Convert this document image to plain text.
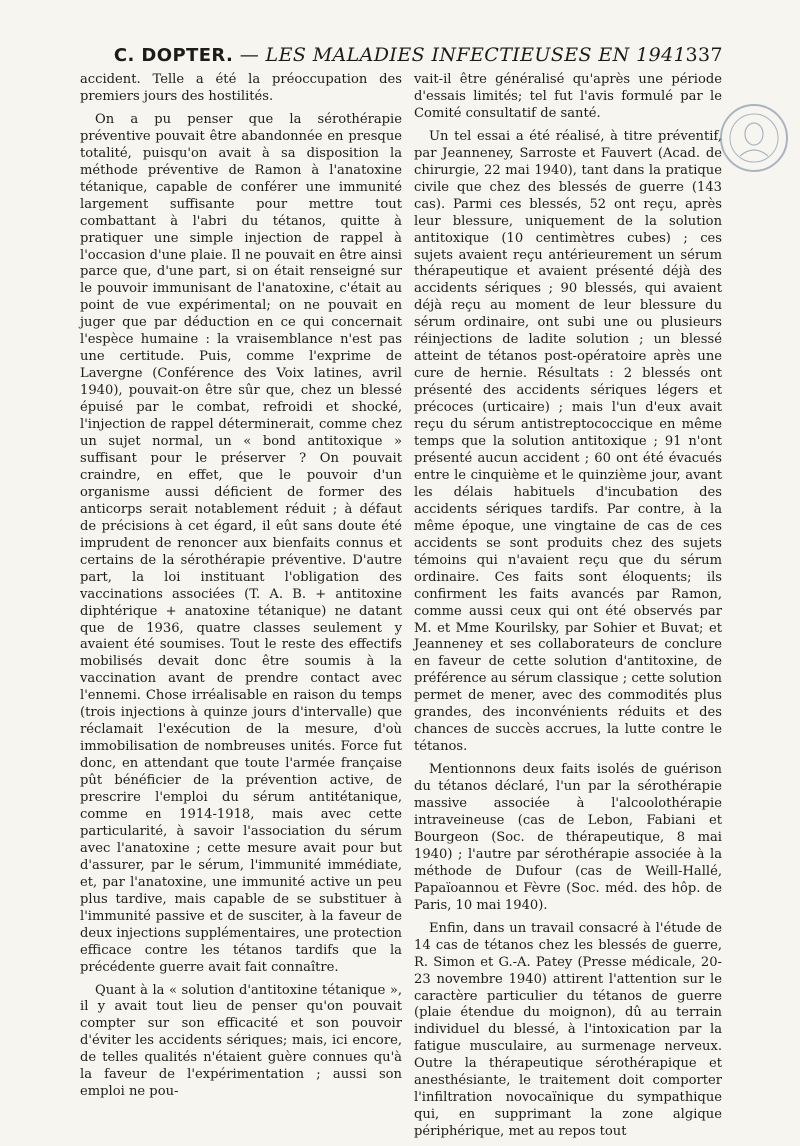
C. DOPTER. — LES MALADIES INFECTIEUSES EN 1941 337

accident. Telle a été la préoccupation des premiers jours des hostilités.

On a pu penser que la sérothérapie préventive pouvait être abandonnée en presque totalité, puisqu'on avait à sa disposition la méthode préventive de Ramon à l'anatoxine tétanique, capable de conférer une immunité largement suffisante pour mettre tout combattant à l'abri du tétanos, quitte à pratiquer une simple injection de rappel à l'occasion d'une plaie. Il ne pouvait en être ainsi parce que, d'une part, si on était renseigné sur le pouvoir immunisant de l'anatoxine, c'était au point de vue expérimental; on ne pouvait en juger que par déduction en ce qui concernait l'espèce humaine : la vraisemblance n'est pas une certitude. Puis, comme l'exprime de Lavergne (Conférence des Voix latines, avril 1940), pouvait-on être sûr que, chez un blessé épuisé par le combat, refroidi et shocké, l'injection de rappel déterminerait, comme chez un sujet normal, un « bond antitoxique » suffisant pour le préserver ? On pouvait craindre, en effet, que le pouvoir d'un organisme aussi déficient de former des anticorps serait notablement réduit ; à défaut de précisions à cet égard, il eût sans doute été imprudent de renoncer aux bienfaits connus et certains de la sérothérapie préventive. D'autre part, la loi instituant l'obligation des vaccinations associées (T. A. B. + antitoxine diphtérique + anatoxine tétanique) ne datant que de 1936, quatre classes seulement y avaient été soumises. Tout le reste des effectifs mobilisés devait donc être soumis à la vaccination avant de prendre contact avec l'ennemi. Chose irréalisable en raison du temps (trois injections à quinze jours d'intervalle) que réclamait l'exécution de la mesure, d'où immobilisation de nombreuses unités. Force fut donc, en attendant que toute l'armée française pût bénéficier de la prévention active, de prescrire l'emploi du sérum antitétanique, comme en 1914-1918, mais avec cette particularité, à savoir l'association du sérum avec l'anatoxine ; cette mesure avait pour but d'assurer, par le sérum, l'immunité immédiate, et, par l'anatoxine, une immunité active un peu plus tardive, mais capable de se substituer à l'immunité passive et de susciter, à la faveur de deux injections supplémentaires, une protection efficace contre les tétanos tardifs que la précédente guerre avait fait connaître.

Quant à la « solution d'antitoxine tétanique », il y avait tout lieu de penser qu'on pouvait compter sur son efficacité et son pouvoir d'éviter les accidents sériques; mais, ici encore, de telles qualités n'étaient guère connues qu'à la faveur de l'expérimentation ; aussi son emploi ne pou-

vait-il être généralisé qu'après une période d'essais limités; tel fut l'avis formulé par le Comité consultatif de santé.

Un tel essai a été réalisé, à titre préventif, par Jeanneney, Sarroste et Fauvert (Acad. de chirurgie, 22 mai 1940), tant dans la pratique civile que chez des blessés de guerre (143 cas). Parmi ces blessés, 52 ont reçu, après leur blessure, uniquement de la solution antitoxique (10 centimètres cubes) ; ces sujets avaient reçu antérieurement un sérum thérapeutique et avaient présenté déjà des accidents sériques ; 90 blessés, qui avaient déjà reçu au moment de leur blessure du sérum ordinaire, ont subi une ou plusieurs réinjections de ladite solution ; un blessé atteint de tétanos post-opératoire après une cure de hernie. Résultats : 2 blessés ont présenté des accidents sériques légers et précoces (urticaire) ; mais l'un d'eux avait reçu du sérum antistreptococcique en même temps que la solution antitoxique ; 91 n'ont présenté aucun accident ; 60 ont été évacués entre le cinquième et le quinzième jour, avant les délais habituels d'incubation des accidents sériques tardifs. Par contre, à la même époque, une vingtaine de cas de ces accidents se sont produits chez des sujets témoins qui n'avaient reçu que du sérum ordinaire. Ces faits sont éloquents; ils confirment les faits avancés par Ramon, comme aussi ceux qui ont été observés par M. et Mme Kourilsky, par Sohier et Buvat; et Jeanneney et ses collaborateurs de conclure en faveur de cette solution d'antitoxine, de préférence au sérum classique ; cette solution permet de mener, avec des commodités plus grandes, des inconvénients réduits et des chances de succès accrues, la lutte contre le tétanos.

Mentionnons deux faits isolés de guérison du tétanos déclaré, l'un par la sérothérapie massive associée à l'alcoolothérapie intraveineuse (cas de Lebon, Fabiani et Bourgeon (Soc. de thérapeutique, 8 mai 1940) ; l'autre par sérothérapie associée à la méthode de Dufour (cas de Weill-Hallé, Papaïoannou et Fèvre (Soc. méd. des hôp. de Paris, 10 mai 1940).

Enfin, dans un travail consacré à l'étude de 14 cas de tétanos chez les blessés de guerre, R. Simon et G.-A. Patey (Presse médicale, 20-23 novembre 1940) attirent l'attention sur le caractère particulier du tétanos de guerre (plaie étendue du moignon), dû au terrain individuel du blessé, à l'intoxication par la fatigue musculaire, au surmenage nerveux. Outre la thérapeutique sérothérapique et anesthésiante, le traitement doit comporter l'infiltration novocaïnique du sympathique qui, en supprimant la zone algique périphérique, met au repos tout
